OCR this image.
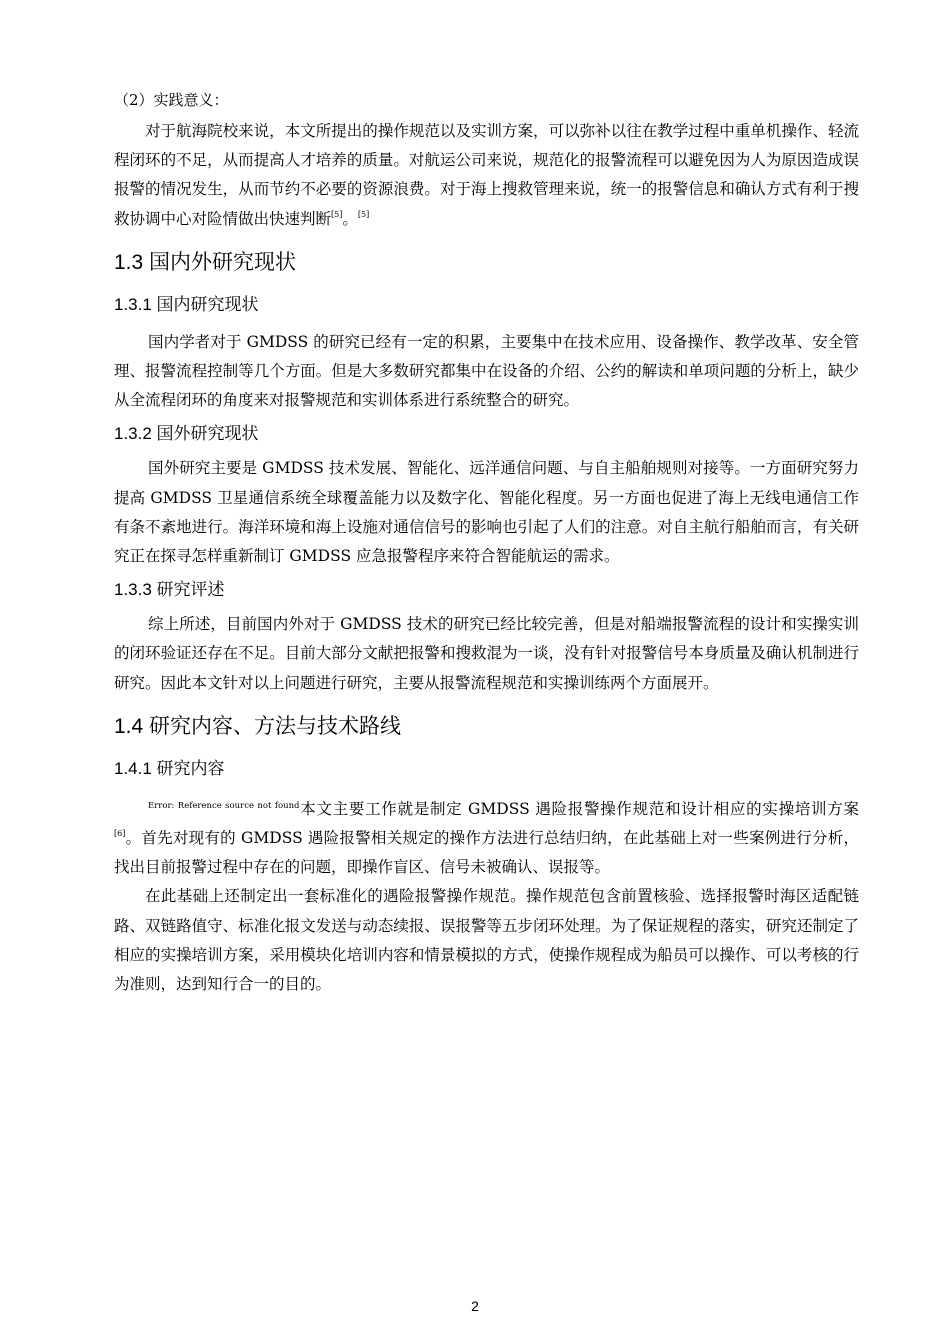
（2）实践意义：

对于航海院校来说，本文所提出的操作规范以及实训方案，可以弥补以往在教学过程中重单机操作、轻流程闭环的不足，从而提高人才培养的质量。对航运公司来说，规范化的报警流程可以避免因为人为原因造成误报警的情况发生，从而节约不必要的资源浪费。对于海上搜救管理来说，统一的报警信息和确认方式有利于搜救协调中心对险情做出快速判断[5]。[5]

1.3 国内外研究现状
1.3.1 国内研究现状

国内学者对于 GMDSS 的研究已经有一定的积累，主要集中在技术应用、设备操作、教学改革、安全管理、报警流程控制等几个方面。但是大多数研究都集中在设备的介绍、公约的解读和单项问题的分析上，缺少从全流程闭环的角度来对报警规范和实训体系进行系统整合的研究。

1.3.2 国外研究现状

国外研究主要是 GMDSS 技术发展、智能化、远洋通信问题、与自主船舶规则对接等。一方面研究努力提高 GMDSS 卫星通信系统全球覆盖能力以及数字化、智能化程度。另一方面也促进了海上无线电通信工作有条不紊地进行。海洋环境和海上设施对通信信号的影响也引起了人们的注意。对自主航行船舶而言，有关研究正在探寻怎样重新制订 GMDSS 应急报警程序来符合智能航运的需求。

1.3.3 研究评述

综上所述，目前国内外对于 GMDSS 技术的研究已经比较完善，但是对船端报警流程的设计和实操实训的闭环验证还存在不足。目前大部分文献把报警和搜救混为一谈，没有针对报警信号本身质量及确认机制进行研究。因此本文针对以上问题进行研究，主要从报警流程规范和实操训练两个方面展开。

1.4 研究内容、方法与技术路线
1.4.1 研究内容

$^{Error: Reference source not found}$本文主要工作就是制定 GMDSS 遇险报警操作规范和设计相应的实操培训方案[6]。首先对现有的 GMDSS 遇险报警相关规定的操作方法进行总结归纳，在此基础上对一些案例进行分析，找出目前报警过程中存在的问题，即操作盲区、信号未被确认、误报等。

在此基础上还制定出一套标准化的遇险报警操作规范。操作规范包含前置核验、选择报警时海区适配链路、双链路值守、标准化报文发送与动态续报、误报警等五步闭环处理。为了保证规程的落实，研究还制定了相应的实操培训方案，采用模块化培训内容和情景模拟的方式，使操作规程成为船员可以操作、可以考核的行为准则，达到知行合一的目的。

2
